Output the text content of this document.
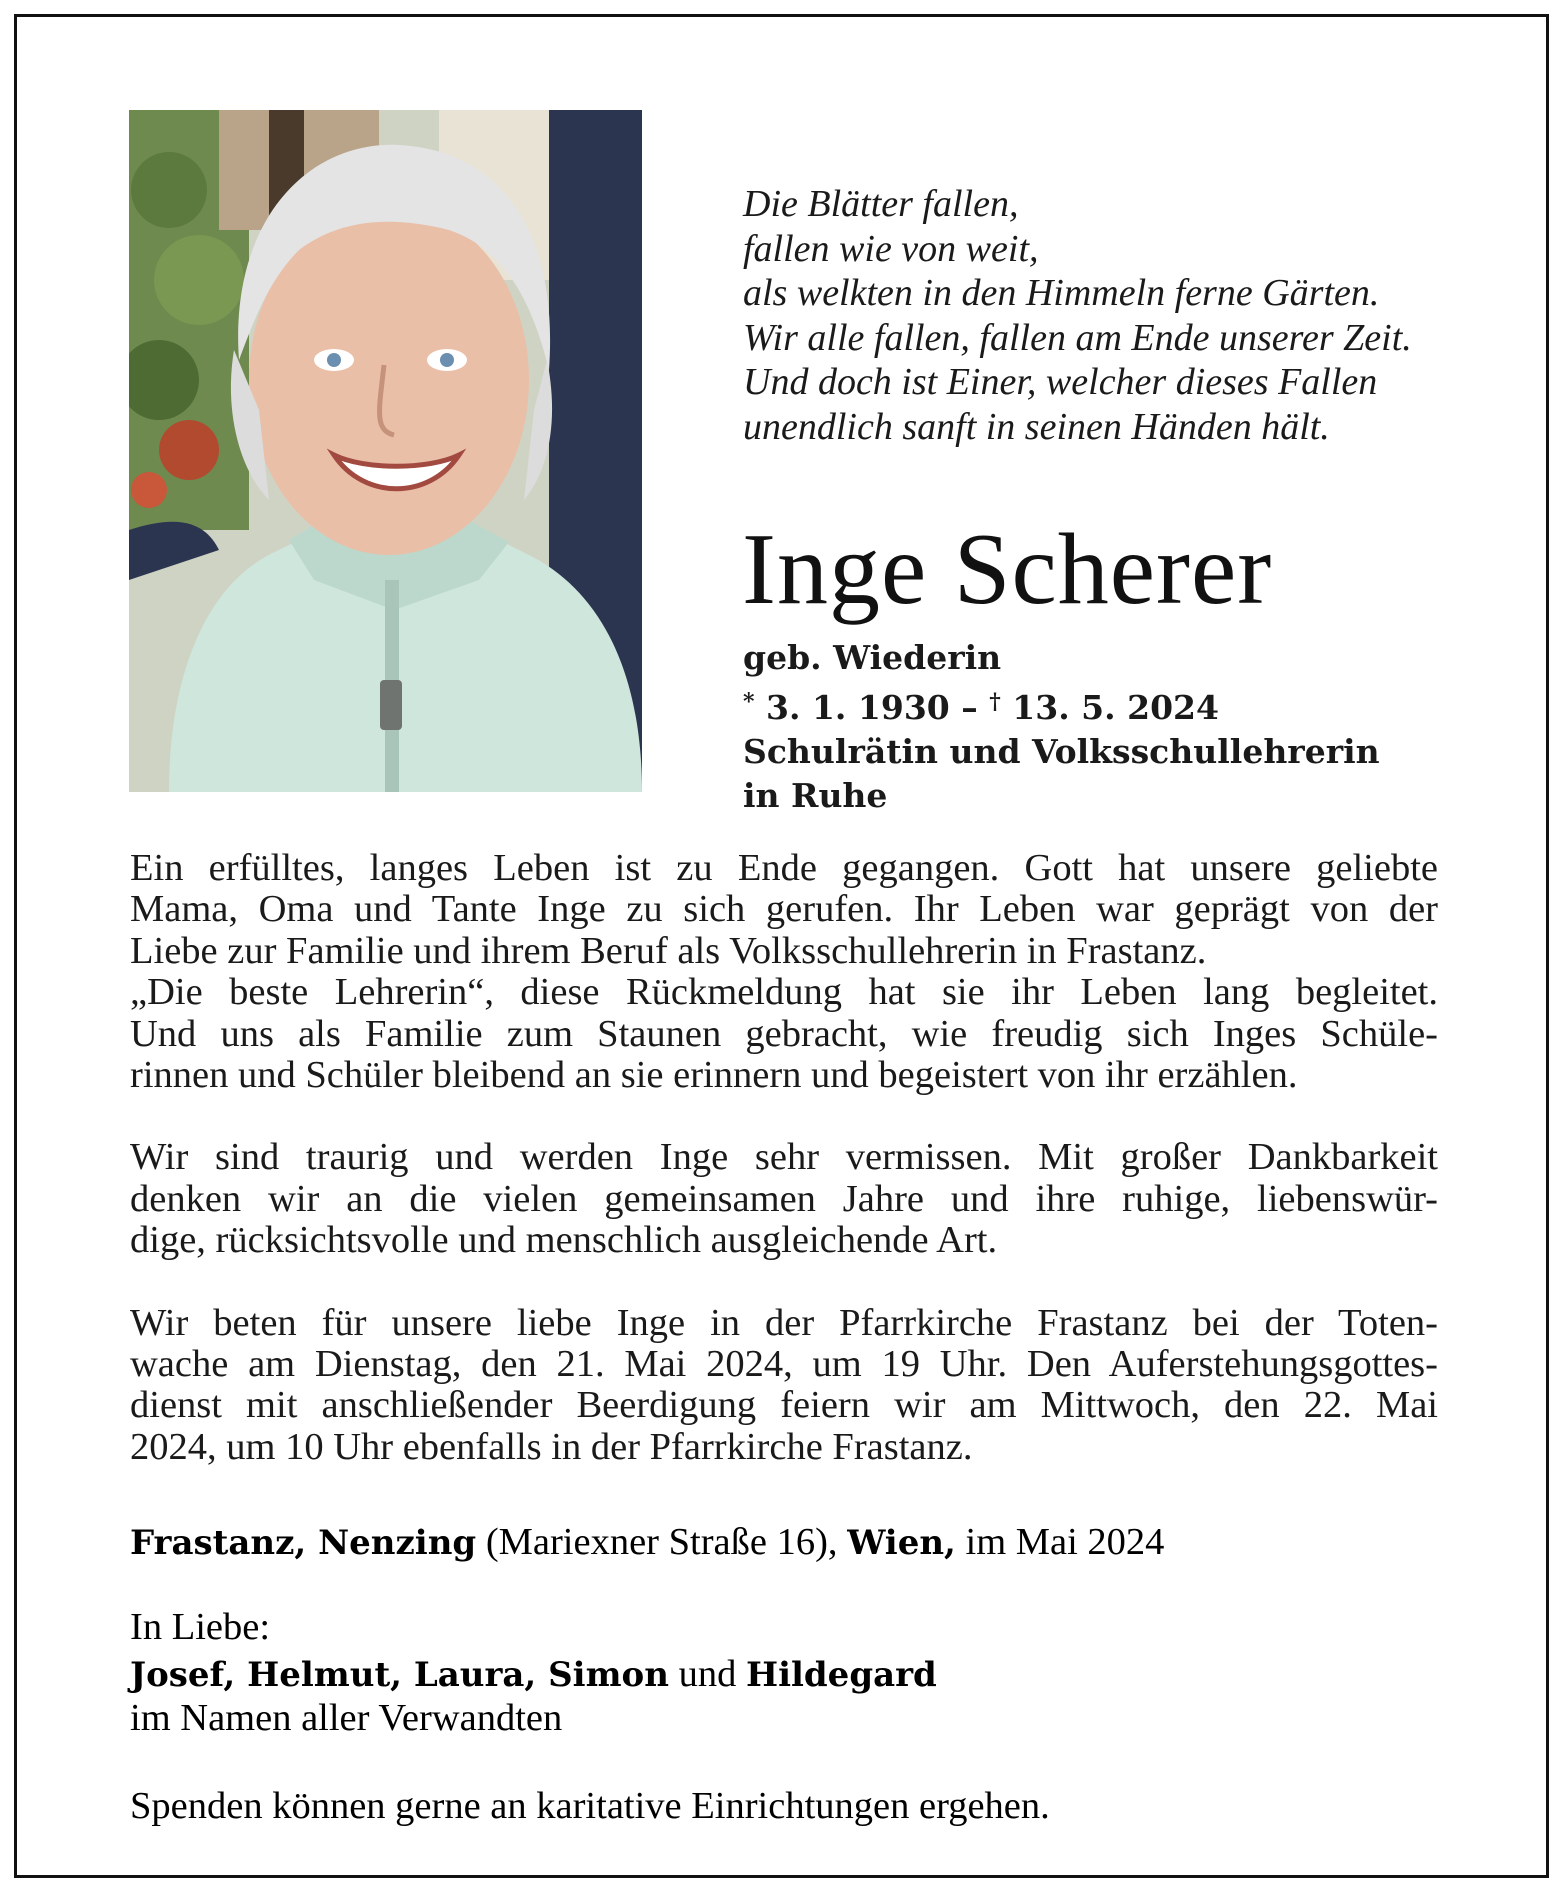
Die Blätter fallen,
fallen wie von weit,
als welkten in den Himmeln ferne Gärten.
Wir alle fallen, fallen am Ende unserer Zeit.
Und doch ist Einer, welcher dieses Fallen
unendlich sanft in seinen Händen hält.
Inge Scherer
geb. Wiederin
* 3. 1. 1930 – † 13. 5. 2024
Schulrätin und Volksschullehrerin
in Ruhe
Ein erfülltes, langes Leben ist zu Ende gegangen. Gott hat unsere geliebte
Mama, Oma und Tante Inge zu sich gerufen. Ihr Leben war geprägt von der
Liebe zur Familie und ihrem Beruf als Volksschullehrerin in Frastanz.
„Die beste Lehrerin“, diese Rückmeldung hat sie ihr Leben lang begleitet.
Und uns als Familie zum Staunen gebracht, wie freudig sich Inges Schüle-
rinnen und Schüler bleibend an sie erinnern und begeistert von ihr erzählen.
Wir sind traurig und werden Inge sehr vermissen. Mit großer Dankbarkeit
denken wir an die vielen gemeinsamen Jahre und ihre ruhige, liebenswür-
dige, rücksichtsvolle und menschlich ausgleichende Art.
Wir beten für unsere liebe Inge in der Pfarrkirche Frastanz bei der Toten-
wache am Dienstag, den 21. Mai 2024, um 19 Uhr. Den Auferstehungsgottes-
dienst mit anschließender Beerdigung feiern wir am Mittwoch, den 22. Mai
2024, um 10 Uhr ebenfalls in der Pfarrkirche Frastanz.
Frastanz, Nenzing (Mariexner Straße 16), Wien, im Mai 2024
In Liebe:
Josef, Helmut, Laura, Simon und Hildegard
im Namen aller Verwandten
Spenden können gerne an karitative Einrichtungen ergehen.
